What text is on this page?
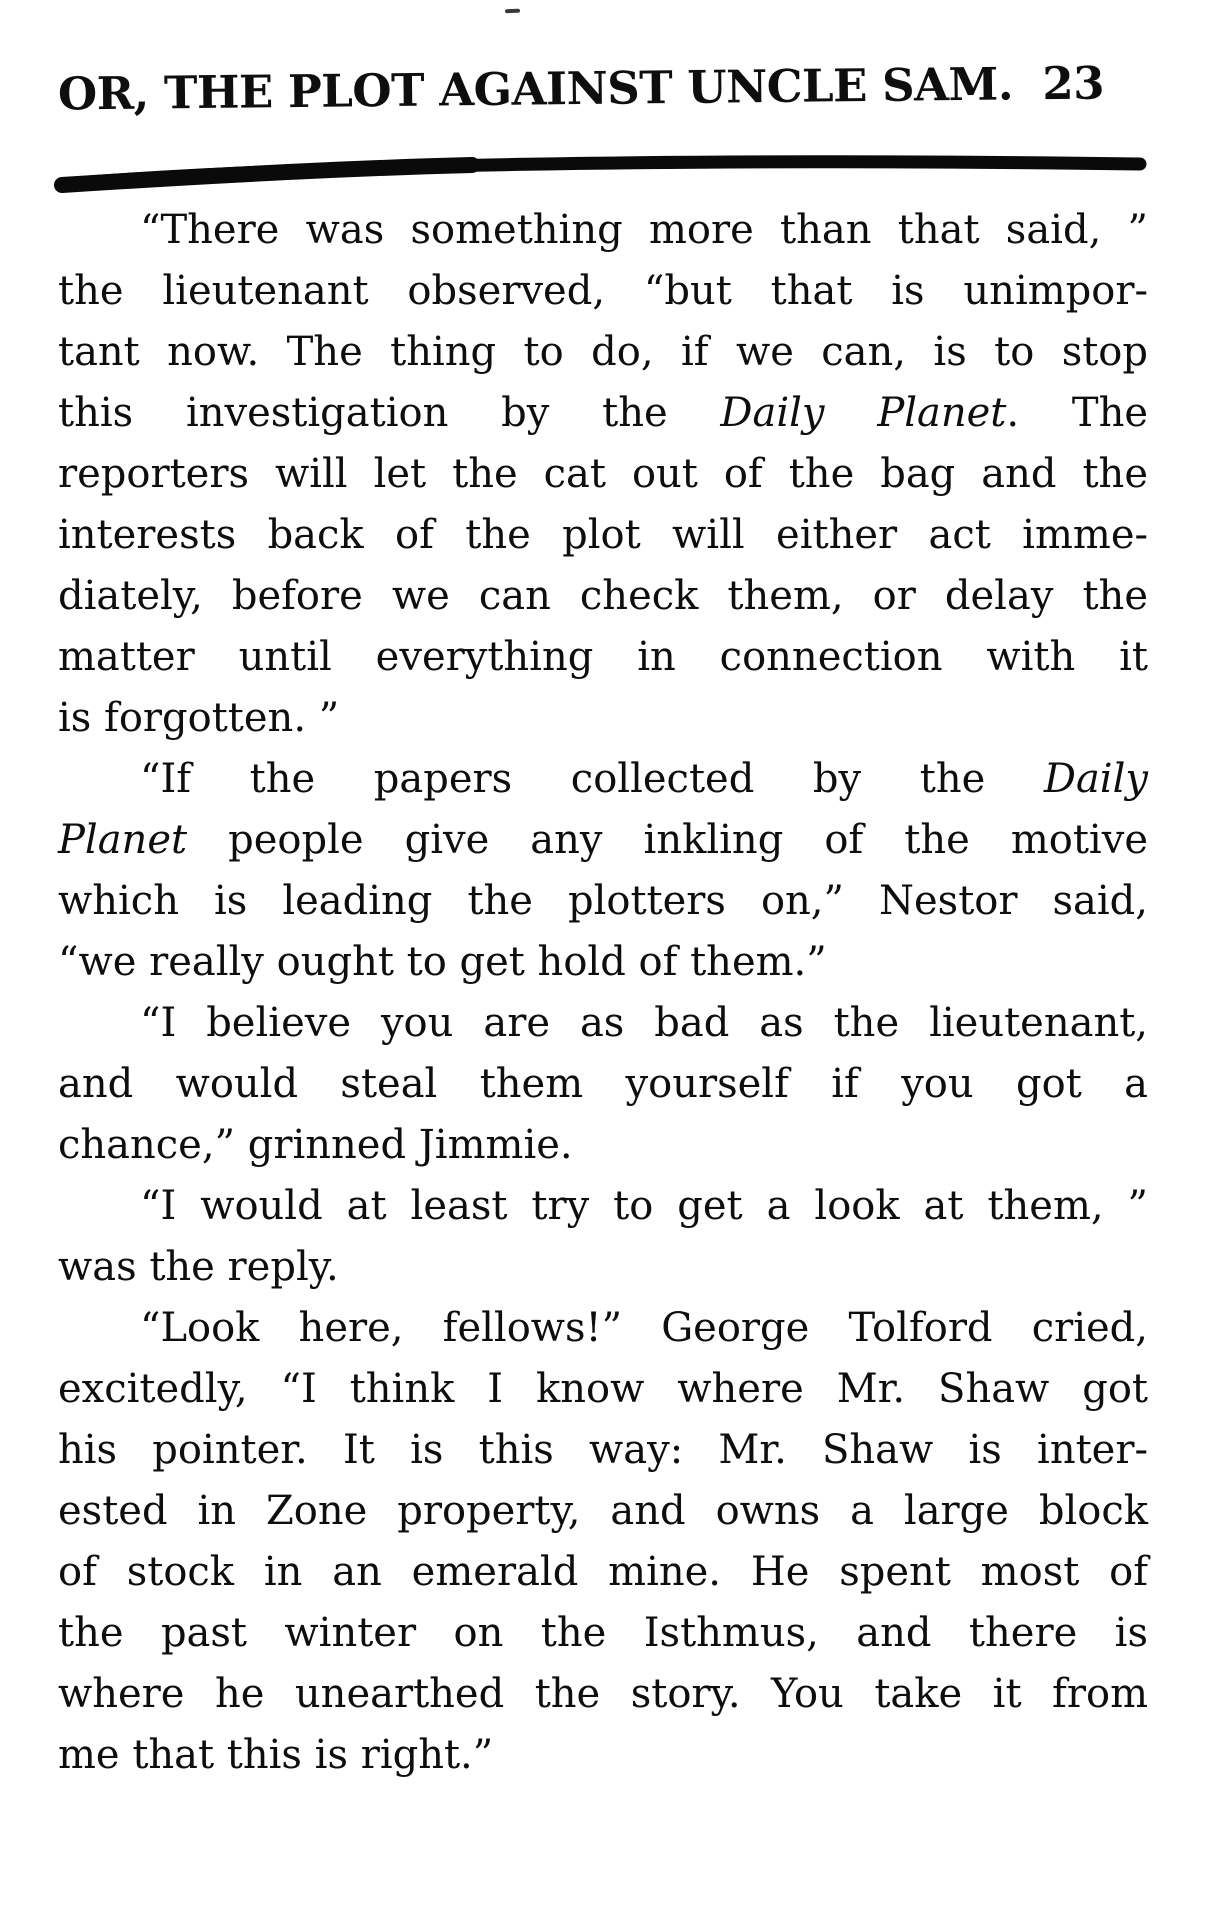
OR, THE PLOT AGAINST UNCLE SAM. 23
“There was something more than that said, ”
the lieutenant observed, “but that is unimpor-
tant now. The thing to do, if we can, is to stop
this investigation by the Daily Planet. The
reporters will let the cat out of the bag and the
interests back of the plot will either act imme-
diately, before we can check them, or delay the
matter until everything in connection with it
is forgotten. ”
“If the papers collected by the Daily
Planet people give any inkling of the motive
which is leading the plotters on,” Nestor said,
“we really ought to get hold of them.”
“I believe you are as bad as the lieutenant,
and would steal them yourself if you got a
chance,” grinned Jimmie.
“I would at least try to get a look at them, ”
was the reply.
“Look here, fellows!” George Tolford cried,
excitedly, “I think I know where Mr. Shaw got
his pointer. It is this way: Mr. Shaw is inter-
ested in Zone property, and owns a large block
of stock in an emerald mine. He spent most of
the past winter on the Isthmus, and there is
where he unearthed the story. You take it from
me that this is right.”
